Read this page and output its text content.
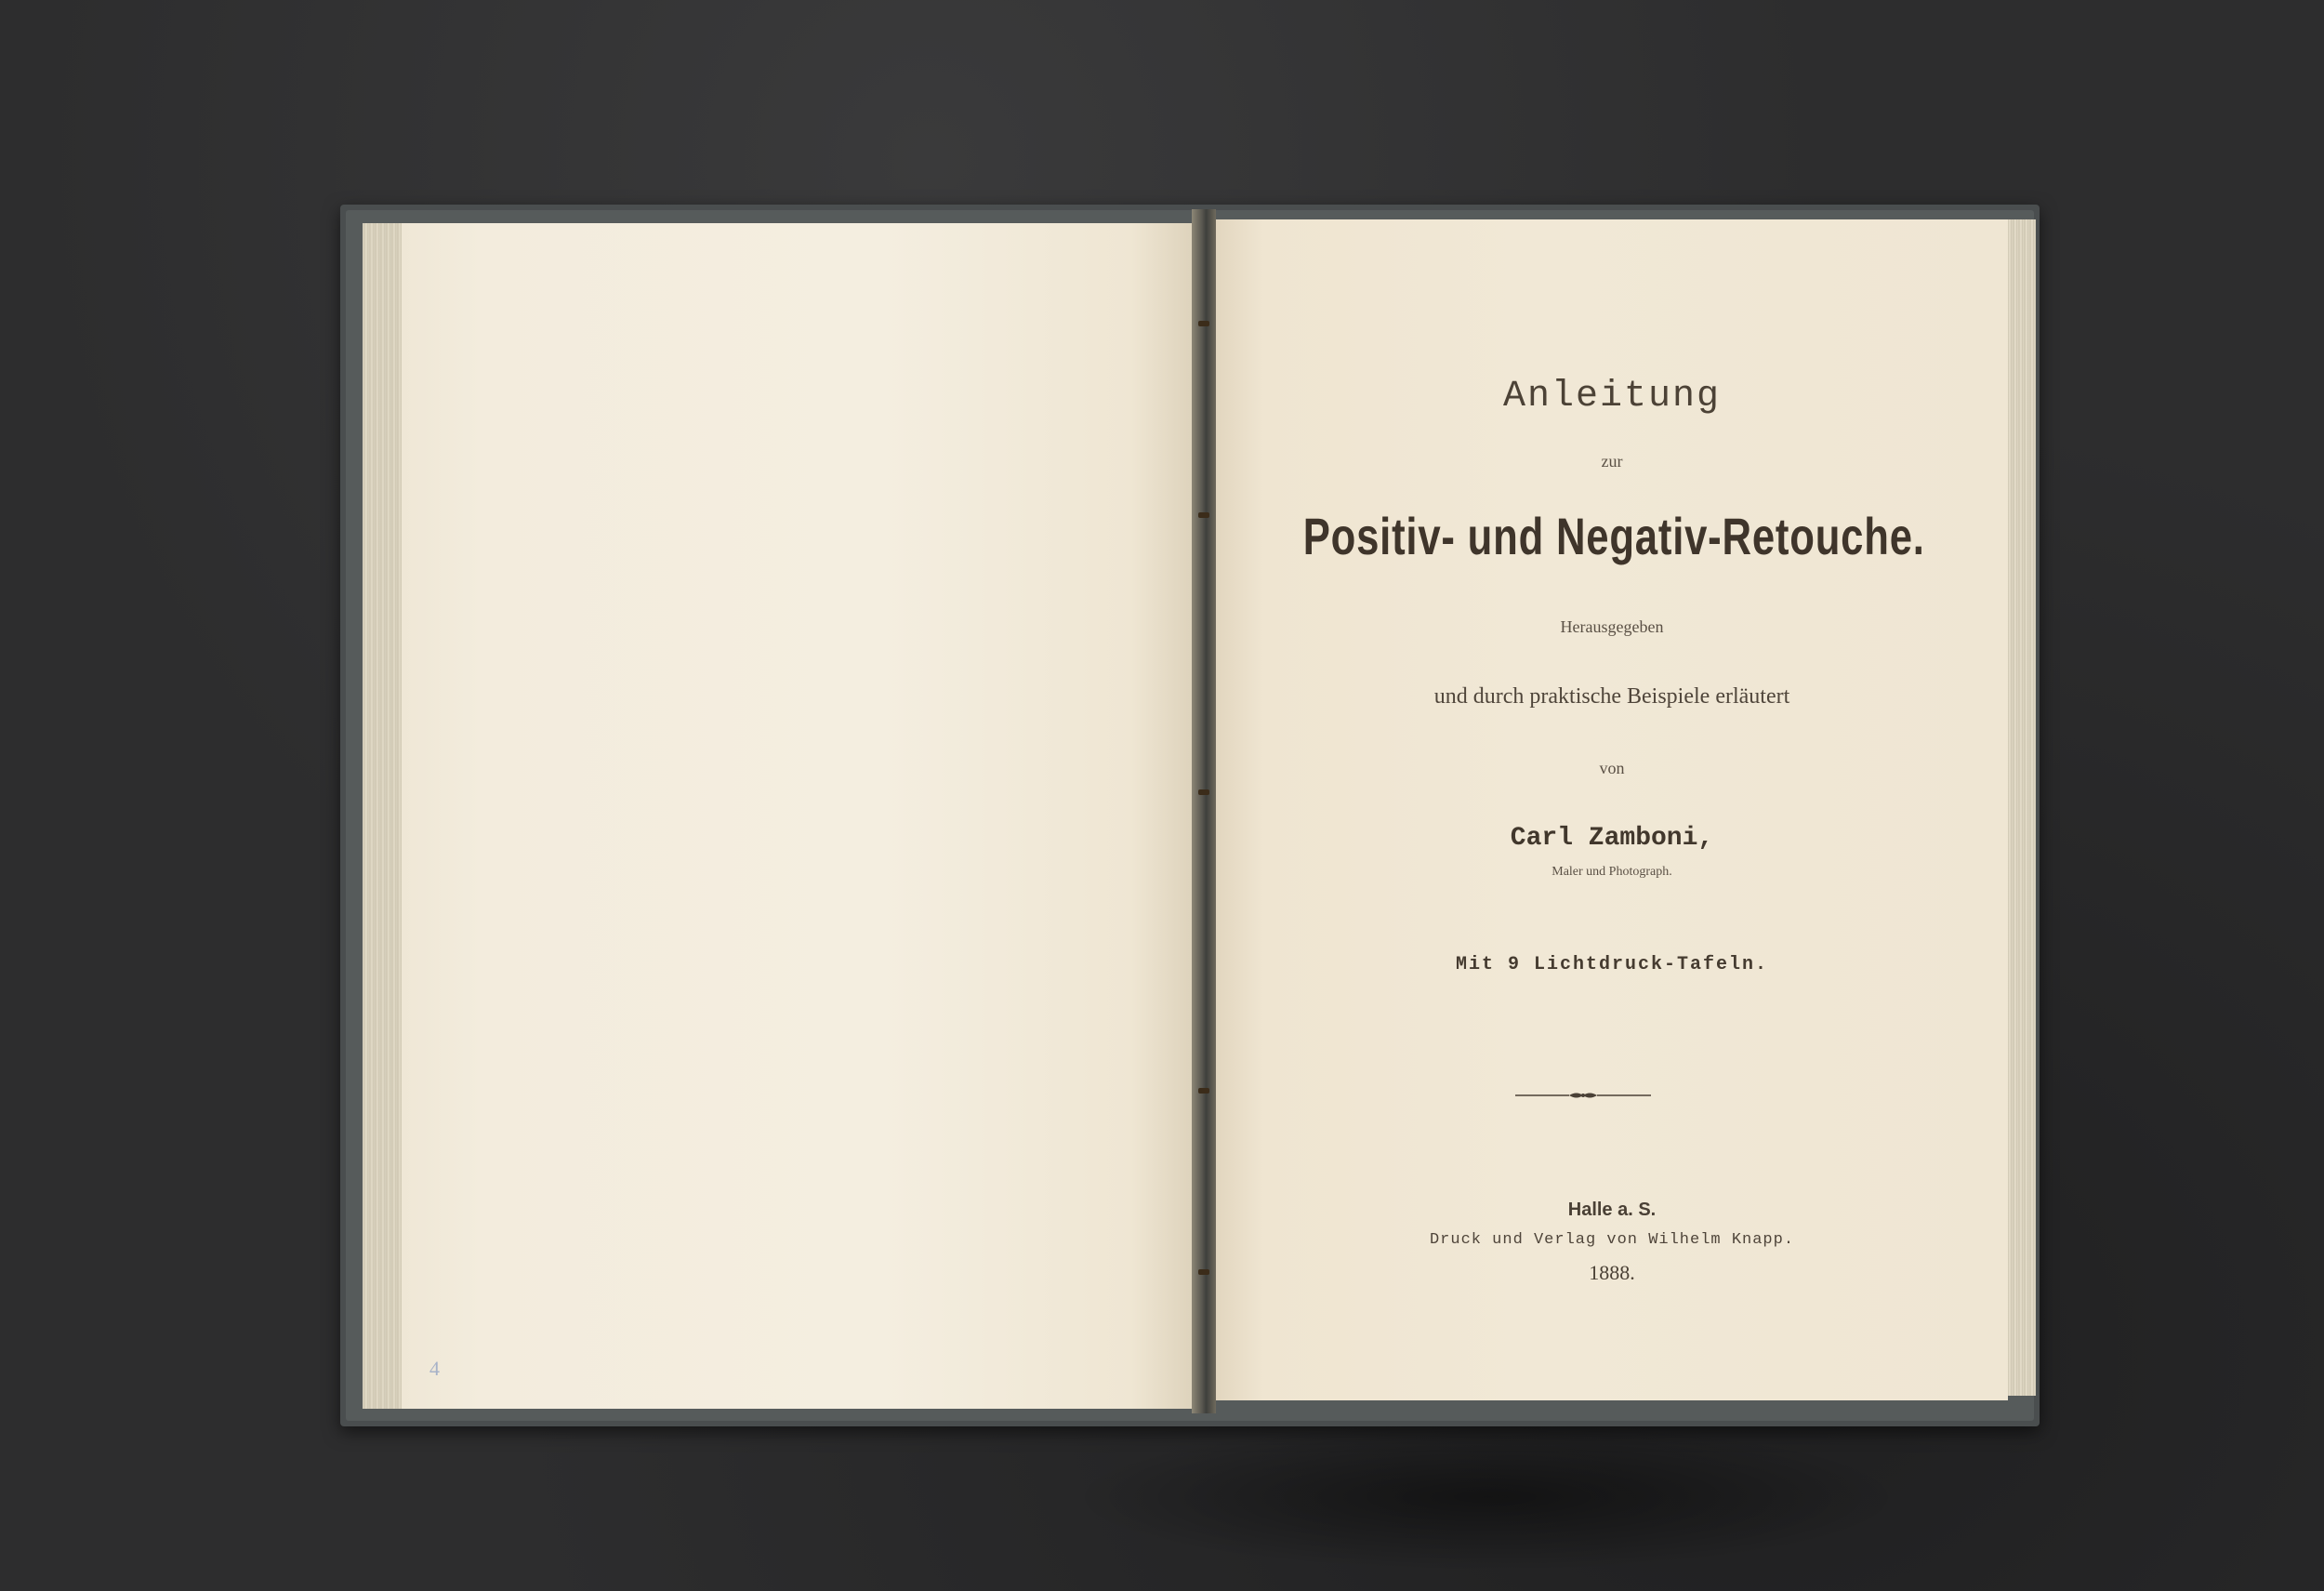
4
Anleitung
zur
Positiv- und Negativ-Retouche.
Herausgegeben
und durch praktische Beispiele erläutert
von
Carl Zamboni,
Maler und Photograph.
Mit 9 Lichtdruck-Tafeln.
Halle a. S.
Druck und Verlag von Wilhelm Knapp.
1888.
